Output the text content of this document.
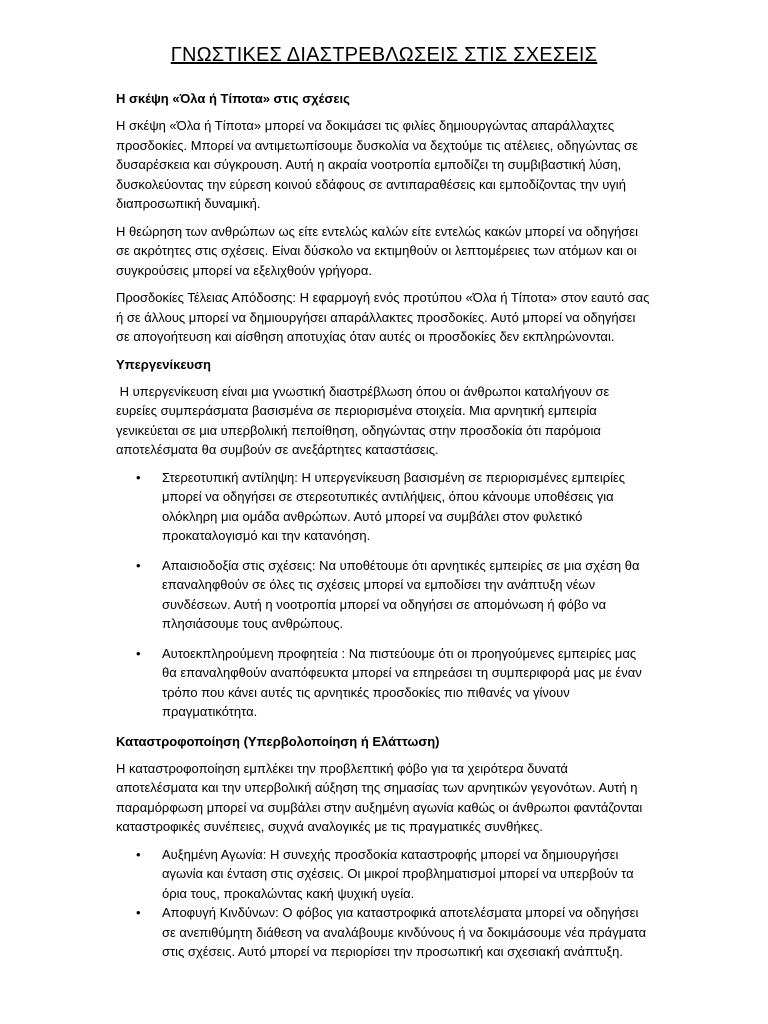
ΓΝΩΣΤΙΚΕΣ ΔΙΑΣΤΡΕΒΛΩΣΕΙΣ ΣΤΙΣ ΣΧΕΣΕΙΣ

Η σκέψη «Όλα ή Τίποτα» στις σχέσεις

Η σκέψη «Όλα ή Τίποτα» μπορεί να δοκιμάσει τις φιλίες δημιουργώντας απαράλλαχτες προσδοκίες. Μπορεί να αντιμετωπίσουμε δυσκολία να δεχτούμε τις ατέλειες, οδηγώντας σε δυσαρέσκεια και σύγκρουση. Αυτή η ακραία νοοτροπία εμποδίζει τη συμβιβαστική λύση, δυσκολεύοντας την εύρεση κοινού εδάφους σε αντιπαραθέσεις και εμποδίζοντας την υγιή διαπροσωπική δυναμική.

Η θεώρηση των ανθρώπων ως είτε εντελώς καλών είτε εντελώς κακών μπορεί να οδηγήσει σε ακρότητες στις σχέσεις. Είναι δύσκολο να εκτιμηθούν οι λεπτομέρειες των ατόμων και οι συγκρούσεις μπορεί να εξελιχθούν γρήγορα.

Προσδοκίες Τέλειας Απόδοσης: Η εφαρμογή ενός προτύπου «Όλα ή Τίποτα» στον εαυτό σας ή σε άλλους μπορεί να δημιουργήσει απαράλλακτες προσδοκίες. Αυτό μπορεί να οδηγήσει σε απογοήτευση και αίσθηση αποτυχίας όταν αυτές οι προσδοκίες δεν εκπληρώνονται.

Υπεργενίκευση

Η υπεργενίκευση είναι μια γνωστική διαστρέβλωση όπου οι άνθρωποι καταλήγουν σε ευρείες συμπεράσματα βασισμένα σε περιορισμένα στοιχεία. Μια αρνητική εμπειρία γενικεύεται σε μια υπερβολική πεποίθηση, οδηγώντας στην προσδοκία ότι παρόμοια αποτελέσματα θα συμβούν σε ανεξάρτητες καταστάσεις.

• Στερεοτυπική αντίληψη: Η υπεργενίκευση βασισμένη σε περιορισμένες εμπειρίες μπορεί να οδηγήσει σε στερεοτυπικές αντιλήψεις, όπου κάνουμε υποθέσεις για ολόκληρη μια ομάδα ανθρώπων. Αυτό μπορεί να συμβάλει στον φυλετικό προκαταλογισμό και την κατανόηση.
• Απαισιοδοξία στις σχέσεις: Να υποθέτουμε ότι αρνητικές εμπειρίες σε μια σχέση θα επαναληφθούν σε όλες τις σχέσεις μπορεί να εμποδίσει την ανάπτυξη νέων συνδέσεων. Αυτή η νοοτροπία μπορεί να οδηγήσει σε απομόνωση ή φόβο να πλησιάσουμε τους ανθρώπους.
• Αυτοεκπληρούμενη προφητεία : Να πιστεύουμε ότι οι προηγούμενες εμπειρίες μας θα επαναληφθούν αναπόφευκτα μπορεί να επηρεάσει τη συμπεριφορά μας με έναν τρόπο που κάνει αυτές τις αρνητικές προσδοκίες πιο πιθανές να γίνουν πραγματικότητα.

Καταστροφοποίηση (Υπερβολοποίηση ή Ελάττωση)

Η καταστροφοποίηση εμπλέκει την προβλεπτική φόβο για τα χειρότερα δυνατά αποτελέσματα και την υπερβολική αύξηση της σημασίας των αρνητικών γεγονότων. Αυτή η παραμόρφωση μπορεί να συμβάλει στην αυξημένη αγωνία καθώς οι άνθρωποι φαντάζονται καταστροφικές συνέπειες, συχνά αναλογικές με τις πραγματικές συνθήκες.

• Αυξημένη Αγωνία: Η συνεχής προσδοκία καταστροφής μπορεί να δημιουργήσει αγωνία και ένταση στις σχέσεις. Οι μικροί προβληματισμοί μπορεί να υπερβούν τα όρια τους, προκαλώντας κακή ψυχική υγεία.
• Αποφυγή Κινδύνων: Ο φόβος για καταστροφικά αποτελέσματα μπορεί να οδηγήσει σε ανεπιθύμητη διάθεση να αναλάβουμε κινδύνους ή να δοκιμάσουμε νέα πράγματα στις σχέσεις. Αυτό μπορεί να περιορίσει την προσωπική και σχεσιακή ανάπτυξη.
